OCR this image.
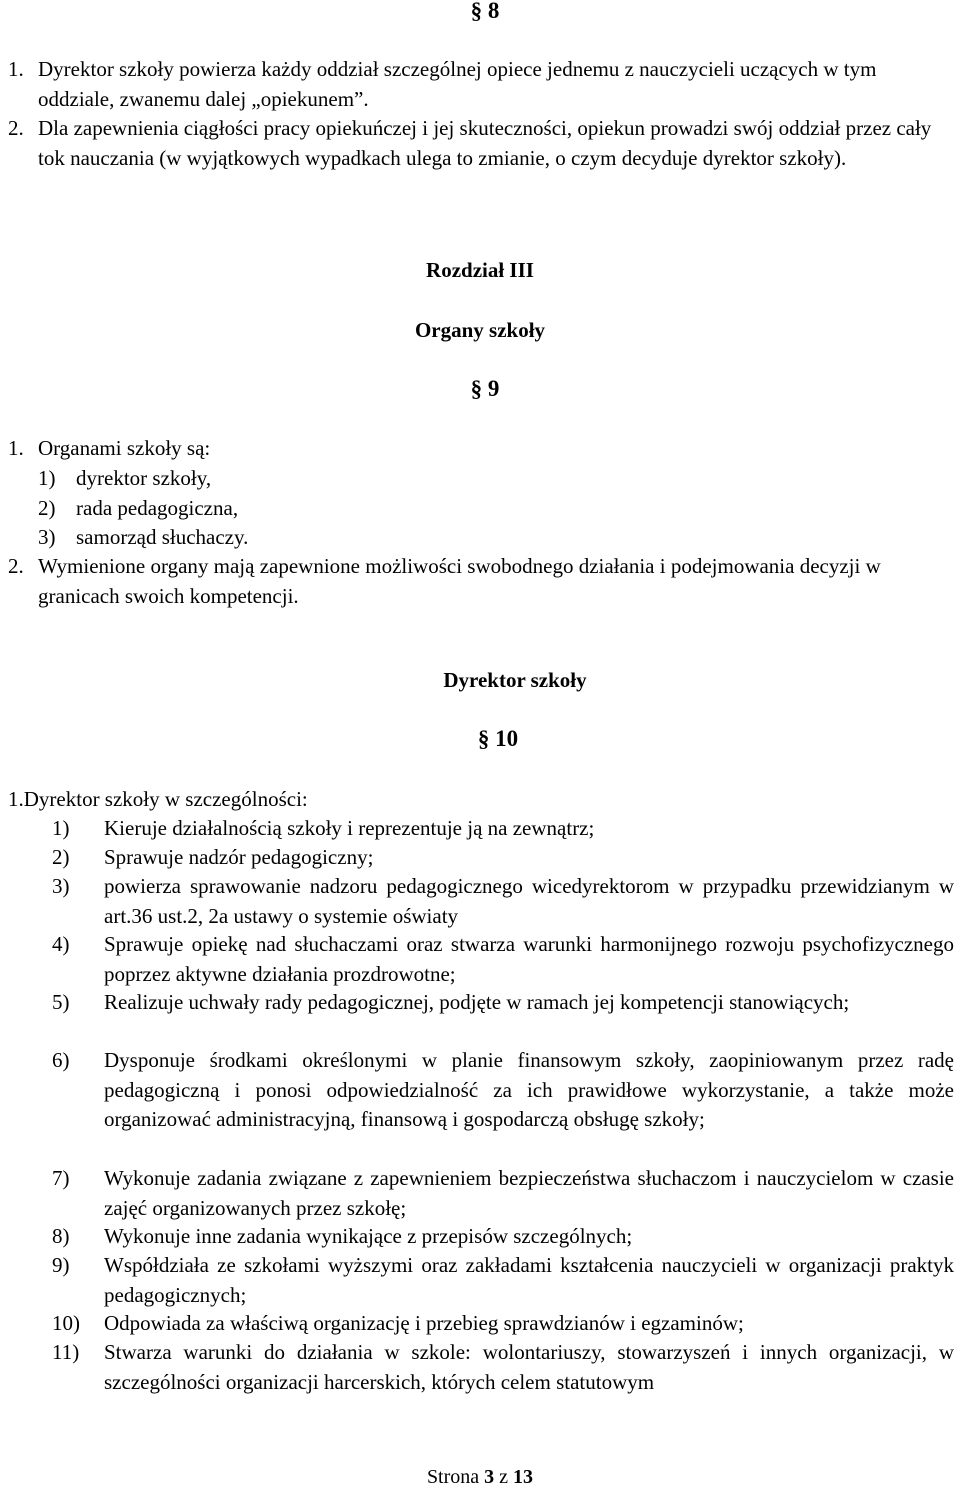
§ 8
1. Dyrektor szkoły powierza każdy oddział szczególnej opiece jednemu z nauczycieli uczących w tym oddziale, zwanemu dalej „opiekunem”.
2. Dla zapewnienia ciągłości pracy opiekuńczej i jej skuteczności, opiekun prowadzi swój oddział przez cały tok nauczania (w wyjątkowych wypadkach ulega to zmianie, o czym decyduje dyrektor szkoły).
Rozdział III
Organy szkoły
§ 9
1. Organami szkoły są:
1) dyrektor szkoły,
2) rada pedagogiczna,
3) samorząd słuchaczy.
2. Wymienione organy mają zapewnione możliwości swobodnego działania i podejmowania decyzji w granicach swoich kompetencji.
Dyrektor szkoły
§ 10
1.Dyrektor szkoły w szczególności:
1) Kieruje działalnością szkoły i reprezentuje ją na zewnątrz;
2) Sprawuje nadzór pedagogiczny;
3) powierza sprawowanie nadzoru pedagogicznego wicedyrektorom w przypadku przewidzianym w art.36 ust.2, 2a ustawy o systemie oświaty
4) Sprawuje opiekę nad słuchaczami oraz stwarza warunki harmonijnego rozwoju psychofizycznego poprzez aktywne działania prozdrowotne;
5) Realizuje uchwały rady pedagogicznej, podjęte w ramach jej kompetencji stanowiących;
6) Dysponuje środkami określonymi w planie finansowym szkoły, zaopiniowanym przez radę pedagogiczną i ponosi odpowiedzialność za ich prawidłowe wykorzystanie, a także może organizować administracyjną, finansową i gospodarczą obsługę szkoły;
7) Wykonuje zadania związane z zapewnieniem bezpieczeństwa słuchaczom i nauczycielom w czasie zajęć organizowanych przez szkołę;
8) Wykonuje inne zadania wynikające z przepisów szczególnych;
9) Współdziała ze szkołami wyższymi oraz zakładami kształcenia nauczycieli w organizacji praktyk pedagogicznych;
10) Odpowiada za właściwą organizację i przebieg sprawdzianów i egzaminów;
11) Stwarza warunki do działania w szkole: wolontariuszy, stowarzyszeń i innych organizacji, w szczególności organizacji harcerskich, których celem statutowym
Strona 3 z 13
